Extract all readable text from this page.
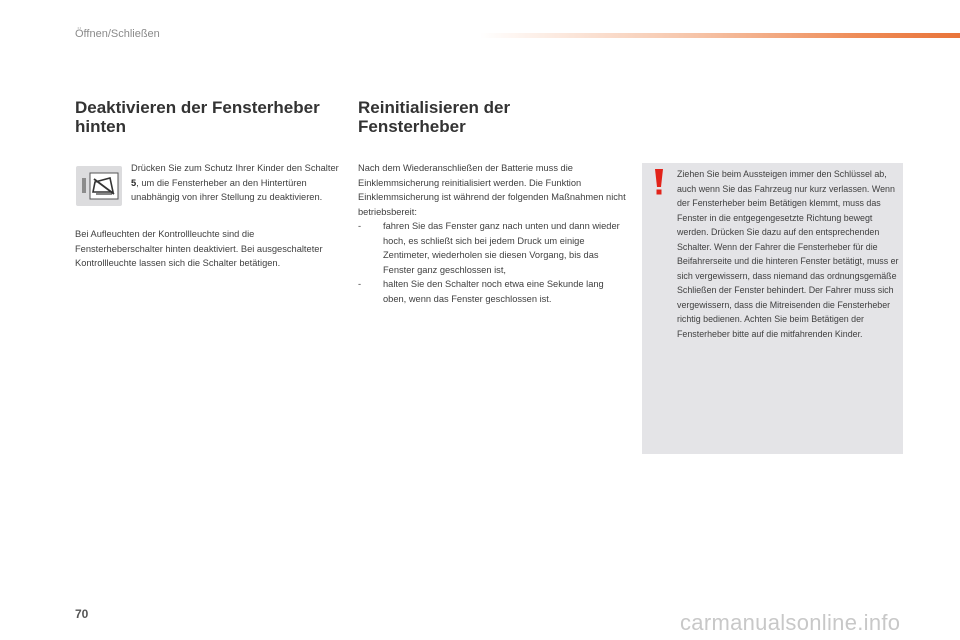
Öffnen/Schließen
Deaktivieren der Fensterheber hinten

Drücken Sie zum Schutz Ihrer Kinder den Schalter 5, um die Fensterheber an den Hintertüren unabhängig von ihrer Stellung zu deaktivieren.

Bei Aufleuchten der Kontrollleuchte sind die Fensterheberschalter hinten deaktiviert. Bei ausgeschalteter Kontrollleuchte lassen sich die Schalter betätigen.

Reinitialisieren der Fensterheber

Nach dem Wiederanschließen der Batterie muss die Einklemmsicherung reinitialisiert werden. Die Funktion Einklemmsicherung ist während der folgenden Maßnahmen nicht betriebsbereit:

- fahren Sie das Fenster ganz nach unten und dann wieder hoch, es schließt sich bei jedem Druck um einige Zentimeter, wiederholen sie diesen Vorgang, bis das Fenster ganz geschlossen ist,
- halten Sie den Schalter noch etwa eine Sekunde lang oben, wenn das Fenster geschlossen ist.

Ziehen Sie beim Aussteigen immer den Schlüssel ab, auch wenn Sie das Fahrzeug nur kurz verlassen. Wenn der Fensterheber beim Betätigen klemmt, muss das Fenster in die entgegengesetzte Richtung bewegt werden. Drücken Sie dazu auf den entsprechenden Schalter. Wenn der Fahrer die Fensterheber für die Beifahrerseite und die hinteren Fenster betätigt, muss er sich vergewissern, dass niemand das ordnungsgemäße Schließen der Fenster behindert. Der Fahrer muss sich vergewissern, dass die Mitreisenden die Fensterheber richtig bedienen. Achten Sie beim Betätigen der Fensterheber bitte auf die mitfahrenden Kinder.

70	carmanualsonline.info
